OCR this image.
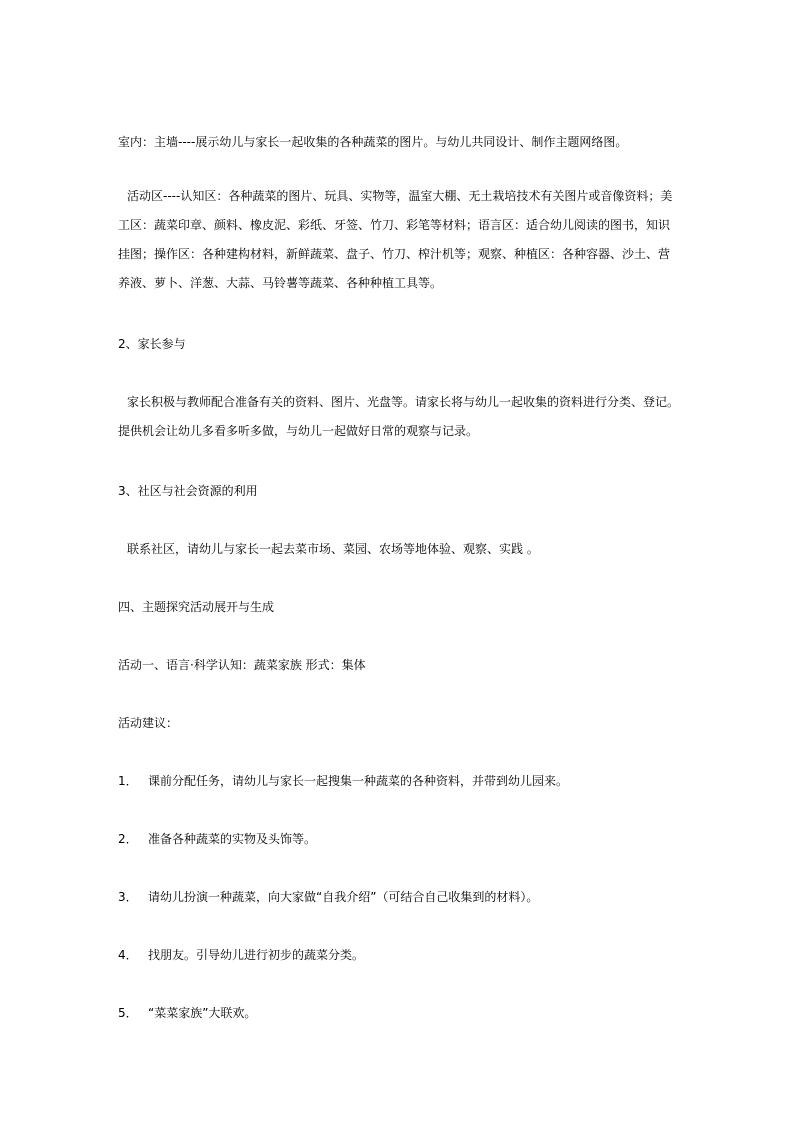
室内：主墙----展示幼儿与家长一起收集的各种蔬菜的图片。与幼儿共同设计、制作主题网络图。
活动区----认知区：各种蔬菜的图片、玩具、实物等，温室大棚、无土栽培技术有关图片或音像资料；美工区：蔬菜印章、颜料、橡皮泥、彩纸、牙签、竹刀、彩笔等材料；语言区：适合幼儿阅读的图书，知识挂图；操作区：各种建构材料，新鲜蔬菜、盘子、竹刀、榨汁机等；观察、种植区：各种容器、沙土、营养液、萝卜、洋葱、大蒜、马铃薯等蔬菜、各种种植工具等。
2、家长参与
家长积极与教师配合准备有关的资料、图片、光盘等。请家长将与幼儿一起收集的资料进行分类、登记。提供机会让幼儿多看多听多做，与幼儿一起做好日常的观察与记录。
3、社区与社会资源的利用
联系社区，请幼儿与家长一起去菜市场、菜园、农场等地体验、观察、实践 。
四、主题探究活动展开与生成
活动一、语言·科学认知：蔬菜家族 形式：集体
活动建议：
1． 课前分配任务，请幼儿与家长一起搜集一种蔬菜的各种资料，并带到幼儿园来。
2． 准备各种蔬菜的实物及头饰等。
3． 请幼儿扮演一种蔬菜，向大家做“自我介绍”（可结合自己收集到的材料）。
4． 找朋友。引导幼儿进行初步的蔬菜分类。
5． “菜菜家族”大联欢。
